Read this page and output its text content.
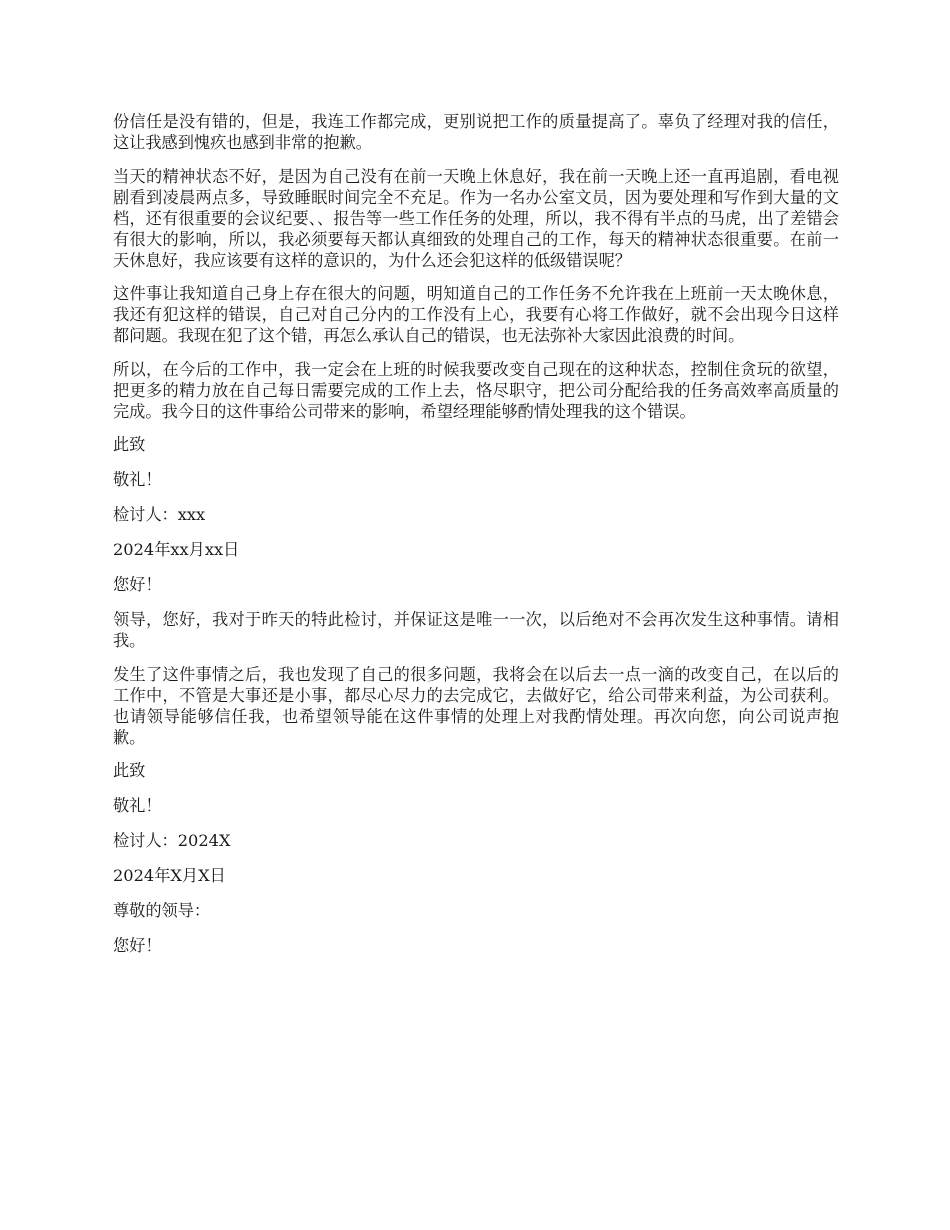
份信任是没有错的，但是，我连工作都完成，更别说把工作的质量提高了。辜负了经理对我的信任，这让我感到愧疚也感到非常的抱歉。

当天的精神状态不好，是因为自己没有在前一天晚上休息好，我在前一天晚上还一直再追剧，看电视剧看到凌晨两点多，导致睡眠时间完全不充足。作为一名办公室文员，因为要处理和写作到大量的文档，还有很重要的会议纪要、、报告等一些工作任务的处理，所以，我不得有半点的马虎，出了差错会有很大的影响，所以，我必须要每天都认真细致的处理自己的工作，每天的精神状态很重要。在前一天休息好，我应该要有这样的意识的，为什么还会犯这样的低级错误呢？

这件事让我知道自己身上存在很大的问题，明知道自己的工作任务不允许我在上班前一天太晚休息，我还有犯这样的错误，自己对自己分内的工作没有上心，我要有心将工作做好，就不会出现今日这样都问题。我现在犯了这个错，再怎么承认自己的错误，也无法弥补大家因此浪费的时间。

所以，在今后的工作中，我一定会在上班的时候我要改变自己现在的这种状态，控制住贪玩的欲望，把更多的精力放在自己每日需要完成的工作上去，恪尽职守，把公司分配给我的任务高效率高质量的完成。我今日的这件事给公司带来的影响，希望经理能够酌情处理我的这个错误。

此致

敬礼！

检讨人：xxx

2024年xx月xx日

您好！

领导，您好，我对于昨天的特此检讨，并保证这是唯一一次，以后绝对不会再次发生这种事情。请相我。

发生了这件事情之后，我也发现了自己的很多问题，我将会在以后去一点一滴的改变自己，在以后的工作中，不管是大事还是小事，都尽心尽力的去完成它，去做好它，给公司带来利益，为公司获利。也请领导能够信任我，也希望领导能在这件事情的处理上对我酌情处理。再次向您，向公司说声抱歉。

此致

敬礼！

检讨人：2024X

2024年X月X日

尊敬的领导：

您好！
